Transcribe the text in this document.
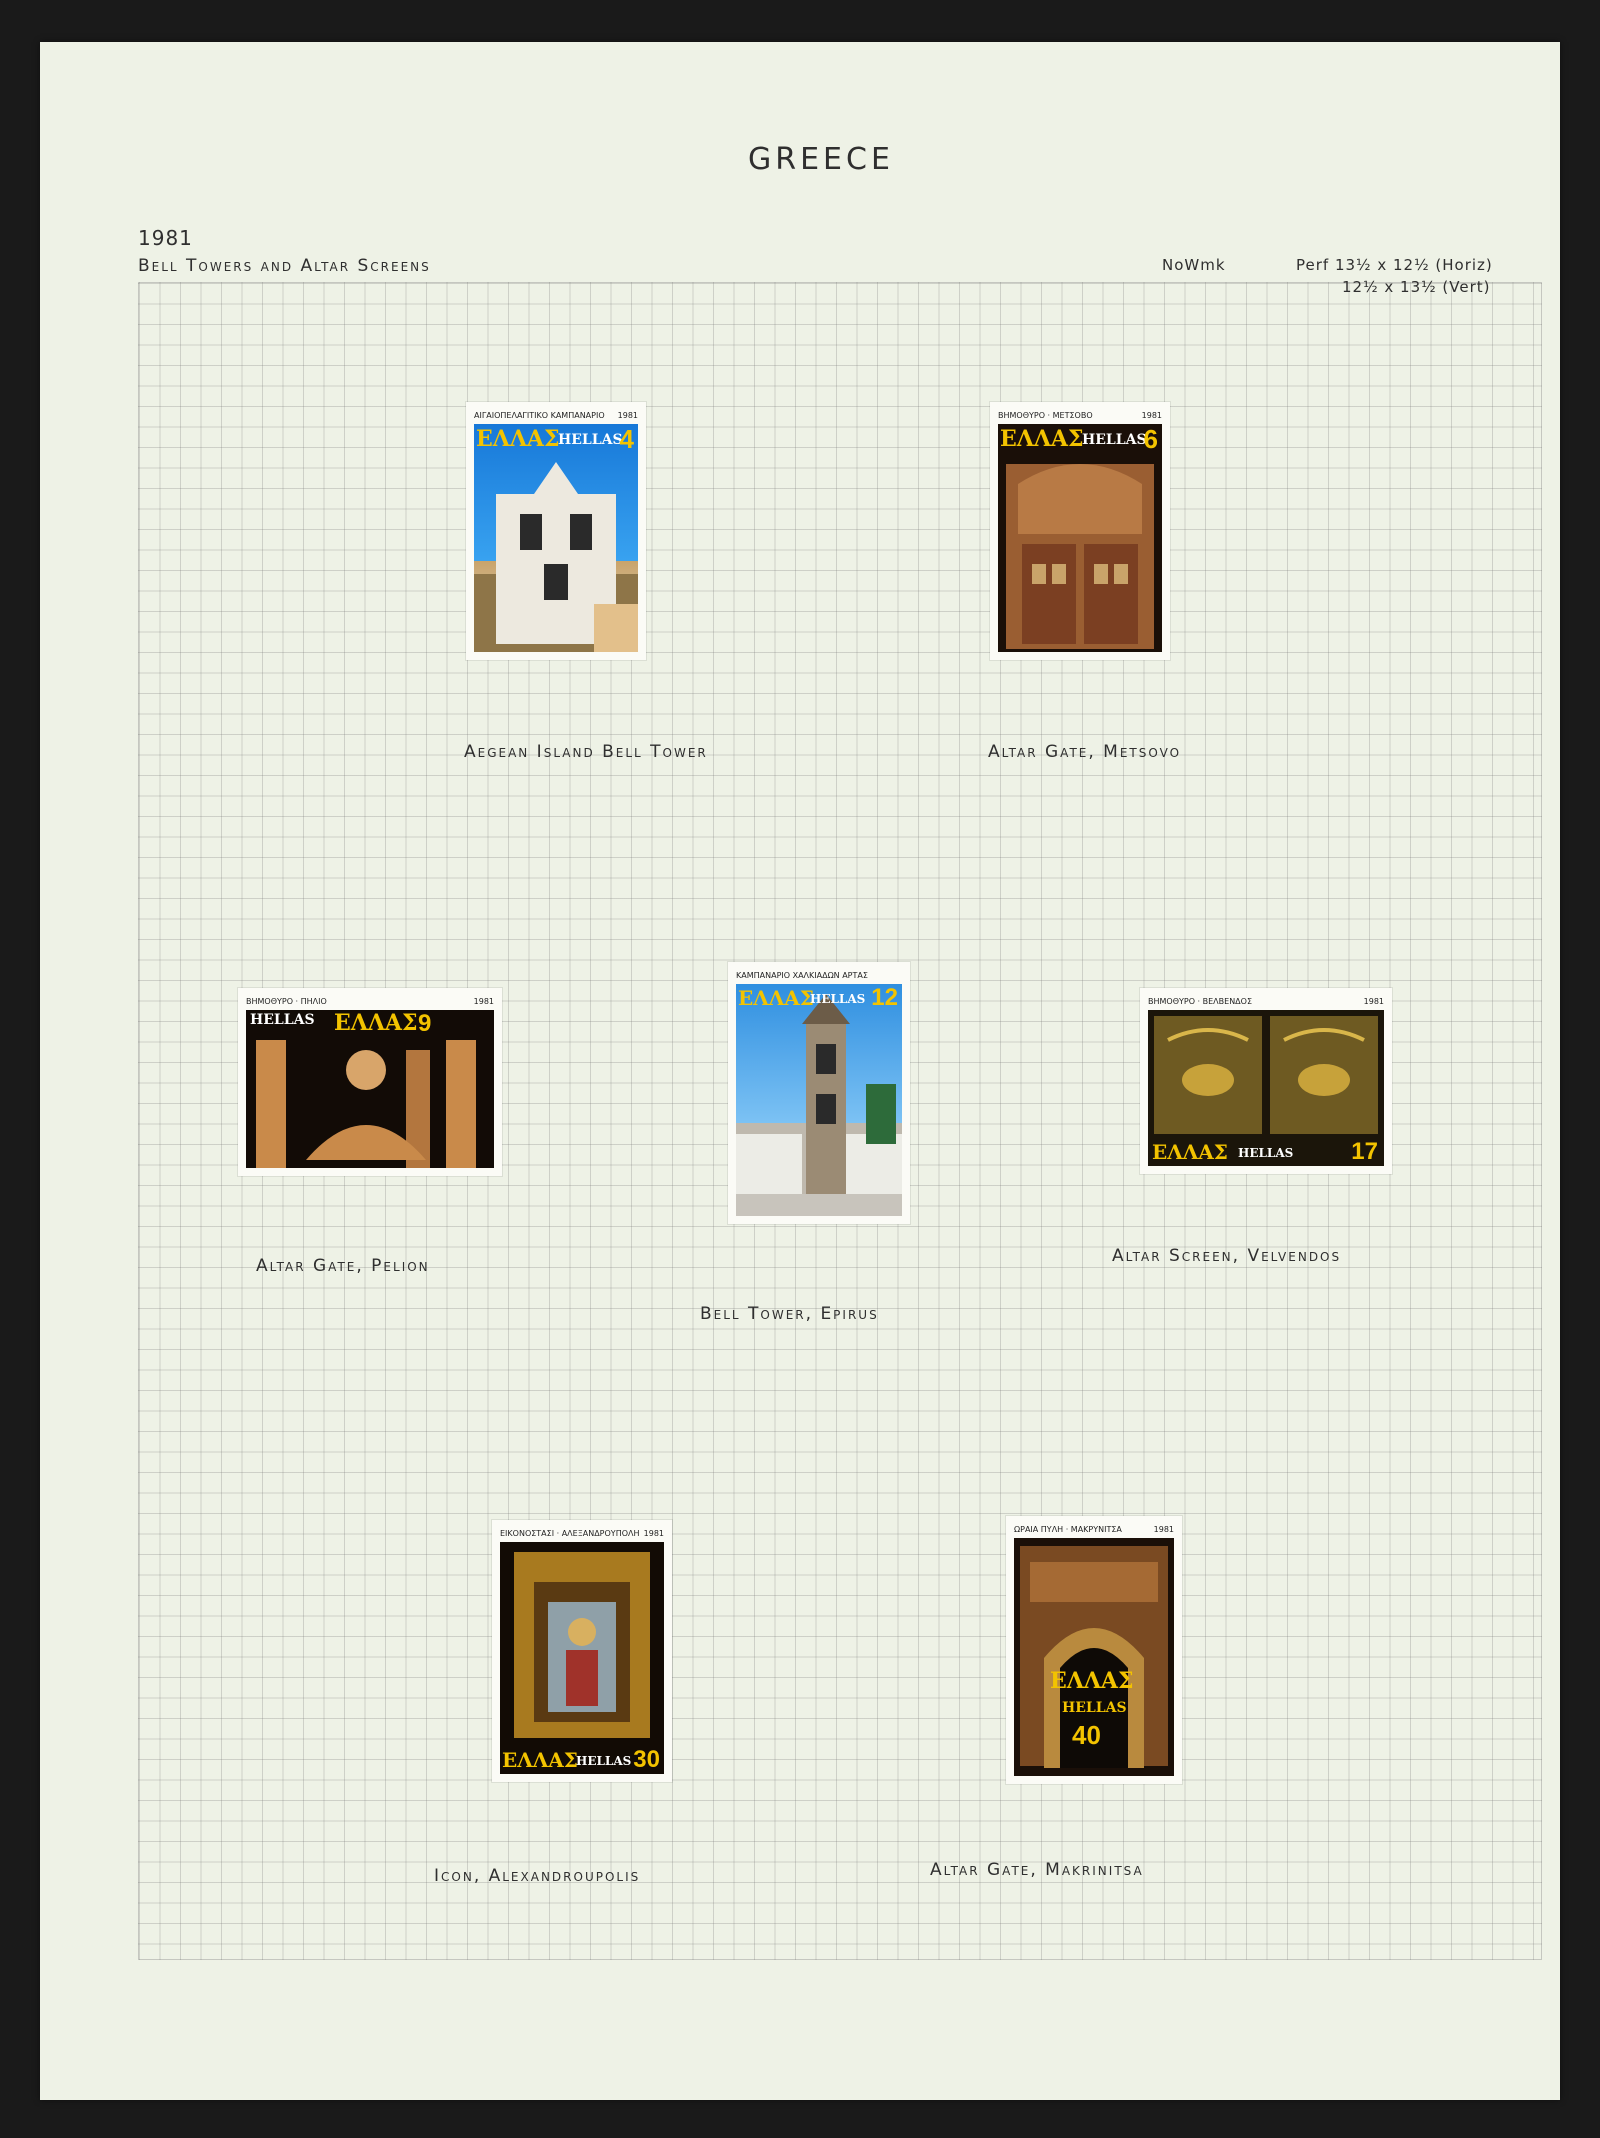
GREECE
1981
Bell Towers and Altar Screens	NoWmk	Perf 13½ x 12½ (Horiz)
12½ x 13½ (Vert)
ΑΙΓΑΙΟΠΕΛΑΓΙΤΙΚΟ ΚΑΜΠΑΝΑΡΙΟ 1981
ΕΛΛΑΣ
HELLAS
4
Aegean Island Bell Tower
ΒΗΜΟΘΥΡΟ · ΜΕΤΣΟΒΟ	1981
ΕΛΛΑΣ
HELLAS
6
Altar Gate, Metsovo
ΒΗΜΟΘΥΡΟ · ΠΗΛΙΟ	1981
HELLAS ΕΛΛΑΣ 9
Altar Gate, Pelion
ΚΑΜΠΑΝΑΡΙΟ ΧΑΛΚΙΑΔΩΝ ΑΡΤΑΣ
ΕΛΛΑΣ
HELLAS 12
Bell Tower, Epirus
ΒΗΜΟΘΥΡΟ · ΒΕΛΒΕΝΔΟΣ	1981
ΕΛΛΑΣ HELLAS 17
Altar Screen, Velvendos
ΕΙΚΟΝΟΣΤΑΣΙ · ΑΛΕΞΑΝΔΡΟΥΠΟΛΗ 1981
ΕΛΛΑΣ
HELLAS 30
Icon, Alexandroupolis
ΩΡΑΙΑ ΠΥΛΗ · ΜΑΚΡΥΝΙΤΣΑ	1981
ΕΛΛΑΣ
HELLAS
40
Altar Gate, Makrinitsa
